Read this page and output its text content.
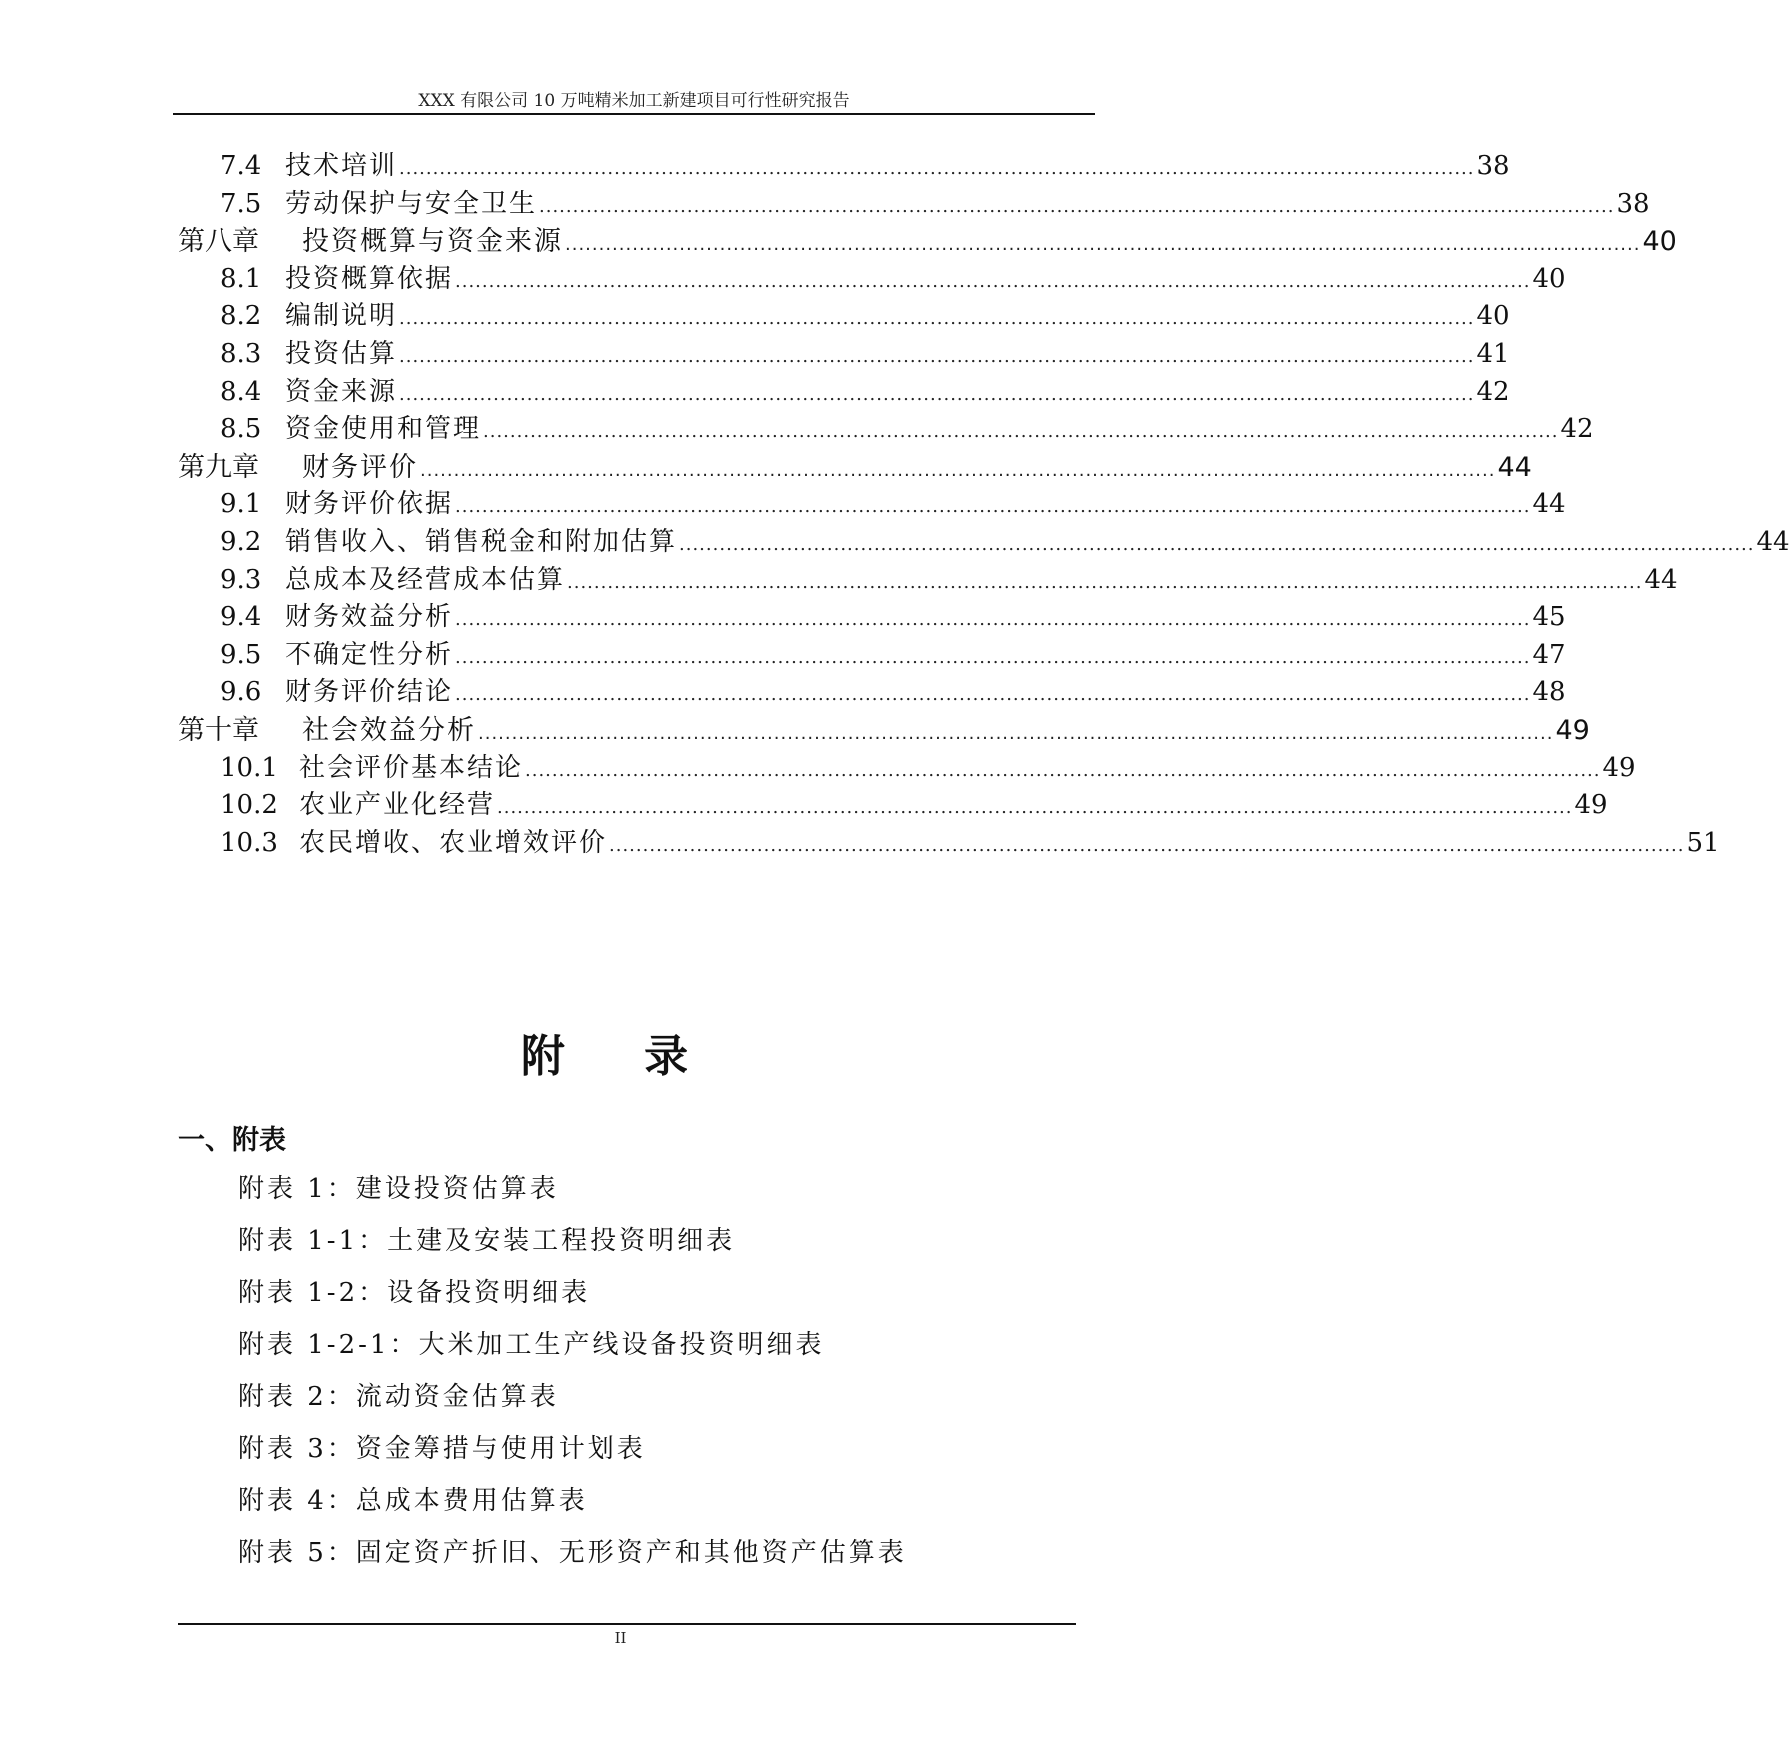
XXX 有限公司 10 万吨精米加工新建项目可行性研究报告
7.4 技术培训 ................................................................................................................................................................ 38
7.5 劳动保护与安全卫生 ................................................................................................................................................................ 38
第八章	投资概算与资金来源 ................................................................................................................................................................ 40
8.1 投资概算依据 ................................................................................................................................................................ 40
8.2 编制说明 ................................................................................................................................................................ 40
8.3 投资估算 ................................................................................................................................................................ 41
8.4 资金来源 ................................................................................................................................................................ 42
8.5 资金使用和管理 ................................................................................................................................................................ 42
第九章	财务评价 ................................................................................................................................................................ 44
9.1 财务评价依据 ................................................................................................................................................................ 44
9.2 销售收入、销售税金和附加估算 ................................................................................................................................................................ 44
9.3 总成本及经营成本估算 ................................................................................................................................................................ 44
9.4 财务效益分析 ................................................................................................................................................................ 45
9.5 不确定性分析 ................................................................................................................................................................ 47
9.6 财务评价结论 ................................................................................................................................................................ 48
第十章	社会效益分析 ................................................................................................................................................................ 49
10.1 社会评价基本结论 ................................................................................................................................................................ 49
10.2 农业产业化经营 ................................................................................................................................................................ 49
10.3 农民增收、农业增效评价 ................................................................................................................................................................ 51
附 录
一、附表
附表 1：建设投资估算表
附表 1-1：土建及安装工程投资明细表
附表 1-2：设备投资明细表
附表 1-2-1：大米加工生产线设备投资明细表
附表 2：流动资金估算表
附表 3：资金筹措与使用计划表
附表 4：总成本费用估算表
附表 5：固定资产折旧、无形资产和其他资产估算表
II
